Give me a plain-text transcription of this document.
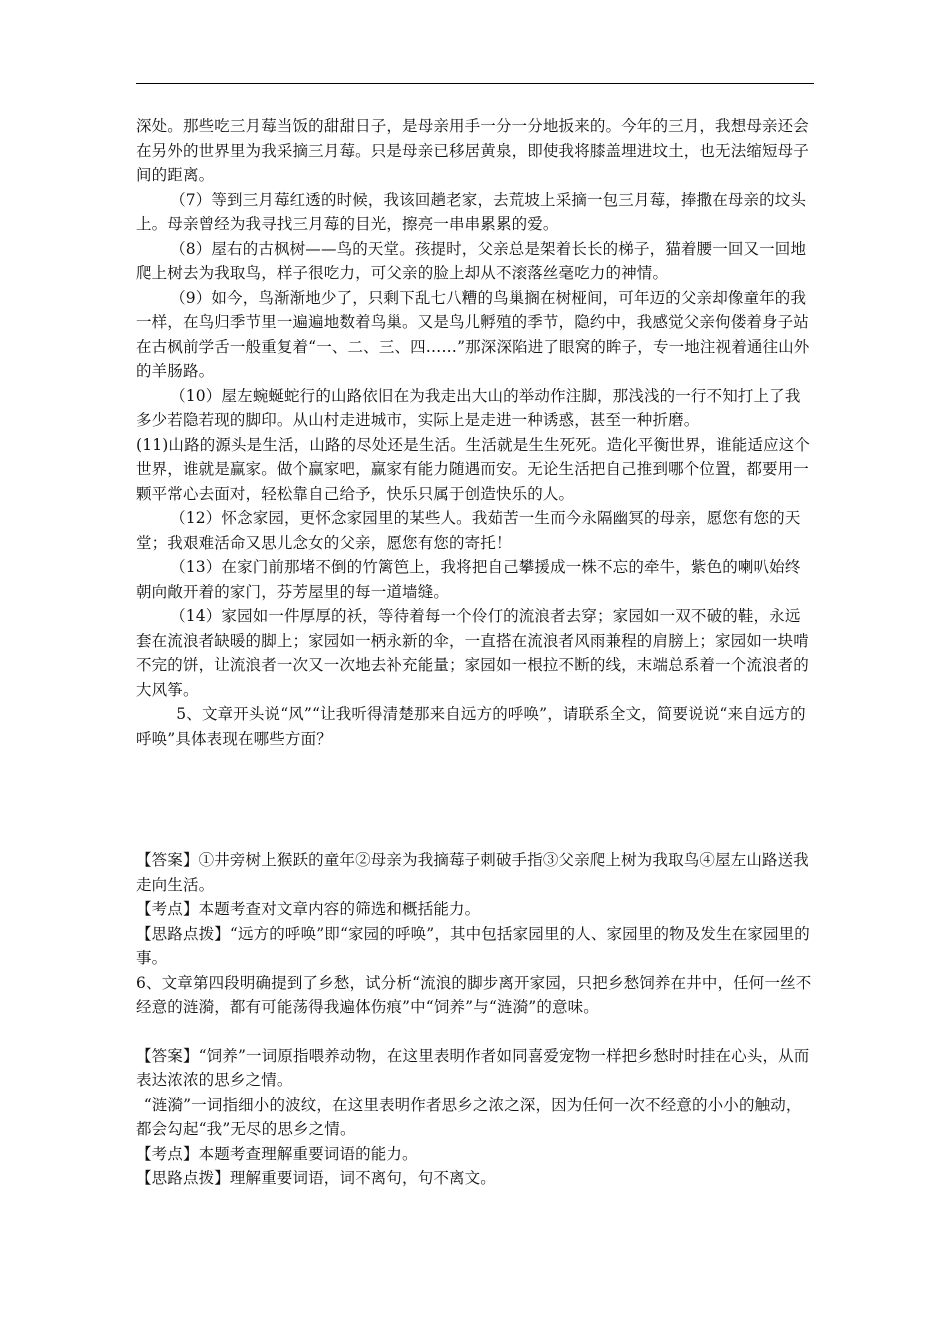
深处。那些吃三月莓当饭的甜甜日子，是母亲用手一分一分地扳来的。今年的三月，我想母亲还会在另外的世界里为我采摘三月莓。只是母亲已移居黄泉，即使我将膝盖埋进坟土，也无法缩短母子间的距离。

（7）等到三月莓红透的时候，我该回趟老家，去荒坡上采摘一包三月莓，捧撒在母亲的坟头上。母亲曾经为我寻找三月莓的目光，擦亮一串串累累的爱。

（8）屋右的古枫树——鸟的天堂。孩提时，父亲总是架着长长的梯子，猫着腰一回又一回地爬上树去为我取鸟，样子很吃力，可父亲的脸上却从不滚落丝毫吃力的神情。

（9）如今，鸟渐渐地少了，只剩下乱七八糟的鸟巢搁在树桠间，可年迈的父亲却像童年的我一样，在鸟归季节里一遍遍地数着鸟巢。又是鸟儿孵殖的季节，隐约中，我感觉父亲佝偻着身子站在古枫前学舌一般重复着“一、二、三、四……”那深深陷进了眼窝的眸子，专一地注视着通往山外的羊肠路。

（10）屋左蜿蜒蛇行的山路依旧在为我走出大山的举动作注脚，那浅浅的一行不知打上了我多少若隐若现的脚印。从山村走进城市，实际上是走进一种诱惑，甚至一种折磨。

(11)山路的源头是生活，山路的尽处还是生活。生活就是生生死死。造化平衡世界，谁能适应这个世界，谁就是赢家。做个赢家吧，赢家有能力随遇而安。无论生活把自己推到哪个位置，都要用一颗平常心去面对，轻松靠自己给予，快乐只属于创造快乐的人。

（12）怀念家园，更怀念家园里的某些人。我茹苦一生而今永隔幽冥的母亲，愿您有您的天堂；我艰难活命又思儿念女的父亲，愿您有您的寄托！

（13）在家门前那堵不倒的竹篱笆上，我将把自己攀援成一株不忘的牵牛，紫色的喇叭始终朝向敞开着的家门，芬芳屋里的每一道墙缝。

（14）家园如一件厚厚的袄，等待着每一个伶仃的流浪者去穿；家园如一双不破的鞋，永远套在流浪者缺暖的脚上；家园如一柄永新的伞，一直搭在流浪者风雨兼程的肩膀上；家园如一块啃不完的饼，让流浪者一次又一次地去补充能量；家园如一根拉不断的线，末端总系着一个流浪者的大风筝。

5、文章开头说“风”“让我听得清楚那来自远方的呼唤”，请联系全文，简要说说“来自远方的呼唤”具体表现在哪些方面？

【答案】①井旁树上猴跃的童年②母亲为我摘莓子刺破手指③父亲爬上树为我取鸟④屋左山路送我走向生活。

【考点】本题考查对文章内容的筛选和概括能力。

【思路点拨】“远方的呼唤”即“家园的呼唤”，其中包括家园里的人、家园里的物及发生在家园里的事。

6、文章第四段明确提到了乡愁，试分析“流浪的脚步离开家园，只把乡愁饲养在井中，任何一丝不经意的涟漪，都有可能荡得我遍体伤痕”中“饲养”与“涟漪”的意味。

【答案】“饲养”一词原指喂养动物，在这里表明作者如同喜爱宠物一样把乡愁时时挂在心头，从而表达浓浓的思乡之情。

“涟漪”一词指细小的波纹，在这里表明作者思乡之浓之深，因为任何一次不经意的小小的触动，都会勾起“我”无尽的思乡之情。

【考点】本题考查理解重要词语的能力。

【思路点拨】理解重要词语，词不离句，句不离文。
